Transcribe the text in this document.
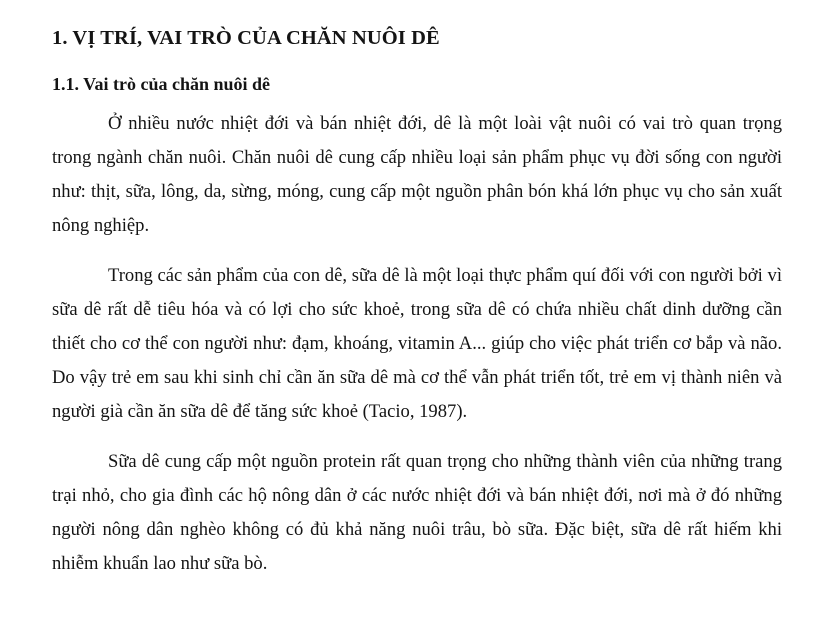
1. VỊ TRÍ, VAI TRÒ CỦA CHĂN NUÔI DÊ
1.1. Vai trò của chăn nuôi dê

Ở nhiều nước nhiệt đới và bán nhiệt đới, dê là một loài vật nuôi có vai trò quan trọng trong ngành chăn nuôi. Chăn nuôi dê cung cấp nhiều loại sản phẩm phục vụ đời sống con người như: thịt, sữa, lông, da, sừng, móng, cung cấp một nguồn phân bón khá lớn phục vụ cho sản xuất nông nghiệp.

Trong các sản phẩm của con dê, sữa dê là một loại thực phẩm quí đối với con người bởi vì sữa dê rất dễ tiêu hóa và có lợi cho sức khoẻ, trong sữa dê có chứa nhiều chất dinh dưỡng cần thiết cho cơ thể con người như: đạm, khoáng, vitamin A... giúp cho việc phát triển cơ bắp và não. Do vậy trẻ em sau khi sinh chỉ cần ăn sữa dê mà cơ thể vẫn phát triển tốt, trẻ em vị thành niên và người già cần ăn sữa dê để tăng sức khoẻ (Tacio, 1987).

Sữa dê cung cấp một nguồn protein rất quan trọng cho những thành viên của những trang trại nhỏ, cho gia đình các hộ nông dân ở các nước nhiệt đới và bán nhiệt đới, nơi mà ở đó những người nông dân nghèo không có đủ khả năng nuôi trâu, bò sữa. Đặc biệt, sữa dê rất hiếm khi nhiễm khuẩn lao như sữa bò.
